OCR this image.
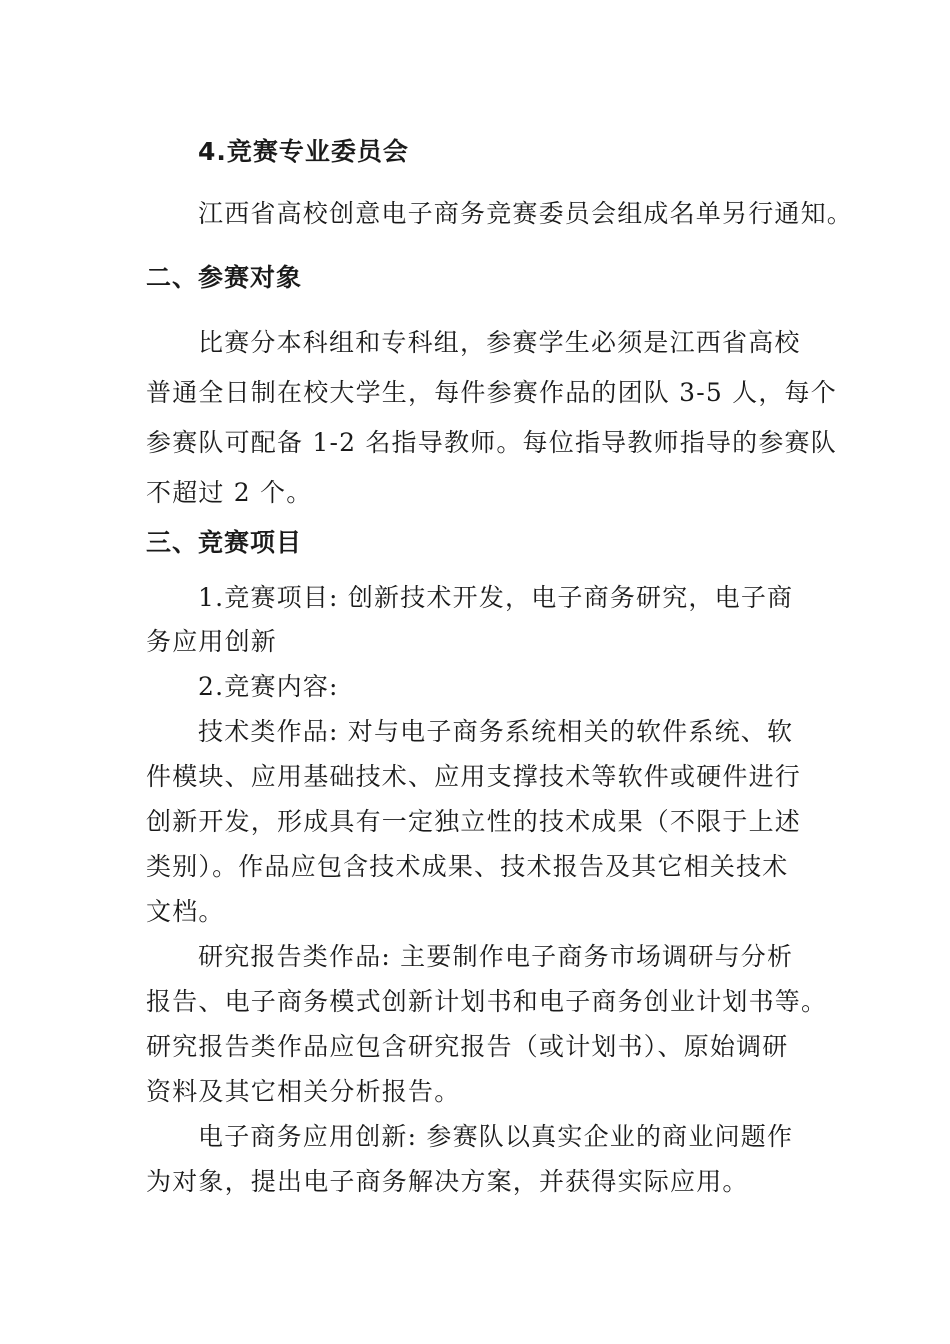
4.竞赛专业委员会
江西省高校创意电子商务竞赛委员会组成名单另行通知。
二、参赛对象
比赛分本科组和专科组，参赛学生必须是江西省高校
普通全日制在校大学生，每件参赛作品的团队 3-5 人，每个
参赛队可配备 1-2 名指导教师。每位指导教师指导的参赛队
不超过 2 个。
三、竞赛项目
1.竞赛项目: 创新技术开发，电子商务研究，电子商
务应用创新
2.竞赛内容:
技术类作品: 对与电子商务系统相关的软件系统、软
件模块、应用基础技术、应用支撑技术等软件或硬件进行
创新开发，形成具有一定独立性的技术成果（不限于上述
类别）。作品应包含技术成果、技术报告及其它相关技术
文档。
研究报告类作品: 主要制作电子商务市场调研与分析
报告、电子商务模式创新计划书和电子商务创业计划书等。
研究报告类作品应包含研究报告（或计划书）、原始调研
资料及其它相关分析报告。
电子商务应用创新: 参赛队以真实企业的商业问题作
为对象，提出电子商务解决方案，并获得实际应用。
